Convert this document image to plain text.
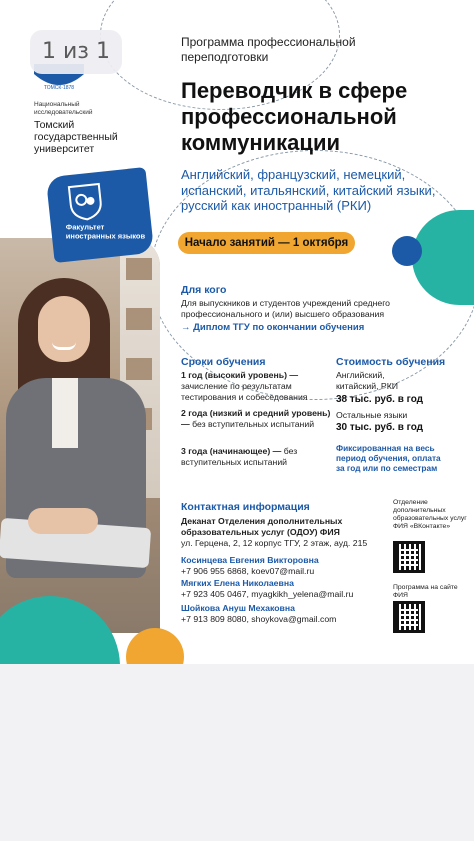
ТОМСК·1878
Национальный исследовательский
Томский государственный университет
Факультет иностранных языков
Программа профессиональной переподготовки
Переводчик в сфере профессиональной коммуникации
Английский, французский, немецкий, испанский, итальянский, китайский языки, русский как иностранный (РКИ)
Начало занятий — 1 октября
Для кого
Для выпускников и студентов учреждений среднего профессионального и (или) высшего образования
→ Диплом ТГУ по окончании обучения
Сроки обучения
1 год (высокий уровень) — зачисление по результатам тестирования и собеседования
2 года (низкий и средний уровень) — без вступительных испытаний
3 года (начинающее) — без вступительных испытаний
Стоимость обучения
Английский, китайский, РКИ
38 тыс. руб. в год
Остальные языки
30 тыс. руб. в год
Фиксированная на весь период обучения, оплата за год или по семестрам
Контактная информация
Деканат Отделения дополнительных образовательных услуг (ОДОУ) ФИЯ
ул. Герцена, 2, 12 корпус ТГУ, 2 этаж, ауд. 215
Косинцева Евгения Викторовна
+7 906 955 6868, koev07@mail.ru
Мягких Елена Николаевна
+7 923 405 0467, myagkikh_yelena@mail.ru
Шойкова Ануш Мехаковна
+7 913 809 8080, shoykova@gmail.com
Отделение дополнительных образовательных услуг ФИЯ «ВКонтакте»
Программа на сайте ФИЯ
1 из 1
